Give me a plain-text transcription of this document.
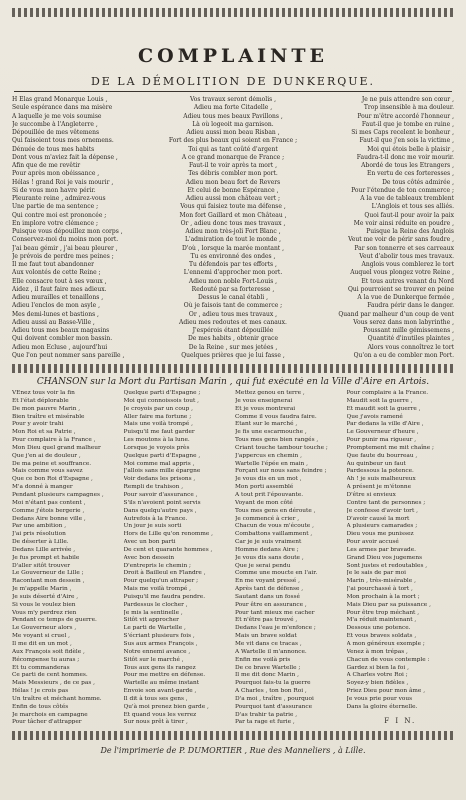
COMPLAINTE
DE LA DÉMOLITION DE DUNKERQUE.
H Élas grand Monarque Louis ,
Seule espérance dans ma misère
A laquelle je me vois soumise
Je succombe à l'Angleterre ,
Dépouillée de mes vêtemens
Qui faisoient tous mes ornemens.
Dénuée de tous mes habits
Dont vous m'aviez fait la dépense ,
Afin que de me revêtir
Pour après mon obéissance ,
Hélas ! grand Roi je vais mourir ,
Si de vous mon havre périr.
Pleurante reine , admirez-vous
Une partie de ma sentence ;
Qui contre moi est prononcée ;
En implore votre clémence ;
Puisque vous dépouillez mon corps ,
Conservez-moi du moins mon port.
J'ai beau gémir , j'ai beau pleurer ,
Je prévois de perdre mes peines ;
Il me faut tout abandonner
Aux volontés de cette Reine ;
Elle consacre tout à ses vœux ,
Aidez , il faut faire mes adieux.
Adieu murailles et tenaillons ,
Adieu l'enclos de mon asyle ,
Mes demi-lunes et bastions ,
Adieu aussi au Basse-Ville ,
Adieu tous mes beaux magasins
Qui doivent combler mon bassin.
Adieu mon Ecluse , aujourd'hui
Que l'on peut nommer sans pareille ,
Vos travaux seront démolis ,
Adieu ma forte Citadelle ,
Adieu tous mes beaux Pavillons ,
Là où logeoit ma garnison.
Adieu aussi mon beau Risban ,
Fort des plus beaux qui soient en France ;
Toi qui as tant coûté d'argent
A ce grand monarque de France ;
Faut-il te voir après ta mort ,
Tes débris combler mon port.
Adieu mon beau fort de Revers
Et celui de bonne Espérance ,
Adieu aussi mon château vert ;
Vous qui faisiez toute ma défense ,
Mon fort Gaillard et mon Château ,
Or , adieu donc tous mes travaux ,
Adieu mon très-joli Fort Blanc ,
L'admiration de tout le monde ,
D'où , lorsque la marée montant ,
Tu es environné des ondes ,
Tu défendois par tes efforts ,
L'ennemi d'approcher mon port.
Adieu mon noble Fort-Louis ,
Redouté par sa forteresse ,
Dessus le canal établi ,
Où je faisois tant de commerce ;
Or , adieu tous mes travaux ,
Adieu mes redoutes et mes canaux.
J'espérois étant dépouillée
De mes habits , obtenir grace
De la Reine , sur mes jetées ,
Quelques prières que je lui fasse ,
Je ne puis attendre son cœur ,
Trop insensible à ma douleur.
Pour m'être accordé l'honneur ,
Faut-il que je tombe en ruine ,
Si mes Caps recelent le bonheur ,
Faut-il que j'en sois la victime ,
Moi qui étois belle à plaisir ,
Faudra-t-il donc me voir mourir.
Abordé de tous les Etrangers ,
En vertu de ces forteresses ,
De tous côtés admirée ,
Pour l'étendue de ton commerce ;
A la vue de tableaux tremblent
L'Anglois et tous ses alliés.
Quoi faut-il pour avoir la paix
Me voir ainsi réduite en poudre ,
Puisque la Reine des Anglois
Veut me voir de périr sans foudre ,
Par son tonnerre et ses carreaux
Veut d'abolir tous mes travaux.
Anglois vous comblerez le tort
Auquel vous plongez votre Reine ,
Et tous autres venant du Nord
Qui pourroient se trouver en peine
A la vue de Dunkerque fermée ,
Faudra périr dans le danger.
Quand par malheur d'un coup de vent
Vous serez dans mon labyrinthe ,
Poussant mille gémissemens ,
Quantité d'inutiles plaintes ,
Alors vous connoîtrez le tort
Qu'on a eu de combler mon Port.
CHANSON sur la Mort du Partisan Marin , qui fut exécuté en la Ville d'Aire en Artois.
VEnez tous voir la fin
Et l'état déplorable
De mon pauvre Marin ,
Bien traître et misérable
Pour y avoir trahi
Mon Roi et sa Patrie ,
Pour complaire à la France ,
Mon Dieu quel grand malheur
Que j'en ai de douleur ,
De ma peine et souffrance.
Mais comme vous savez
Que ce bon Roi d'Espagne ,
M'a donné à manger
Pendant plusieurs campagnes ,
Moi n'étant pas content ,
Comme j'étois bergerie ,
Dedans Aire bonne ville ,
Par une ambition ,
J'ai pris résolution
De déserter à Lille.
Dedans Lille arrivée ,
Je fus prompt et habile
D'aller sitôt trouver
Le Gouverneur de Lille ;
Racontant mon dessein ,
Je m'appelle Marin ,
Je suis déserté d'Aire ,
Si vous le voulez bien
Vous m'y perdrez rien
Pendant ce temps de guerre.
Le Gouverneur alors ,
Me voyant si cruel ,
Il me dit en un mot ,
Aux François soit fidèle ,
Récompense tu auras ;
Et tu commanderas
Ce parti de cent hommes.
Mais Messieurs , de ce pas ,
Hélas ! je crois pas
Un traître et méchant homme.
Enfin de tous côtés
Je marchois en campagne
Pour tâcher d'attrapper
Quelque parti d'Espagne ;
Moi qui connoissois tout ,
Je croyois par un coup ,
Aller faire ma fortune ;
Mais une voilà trompé ,
Puisqu'il me faut garder
Les moutons à la lune.
Lorsque je voyois près
Quelque parti d'Espagne ,
Moi comme mal appris ,
J'allois sans mille épargne
Voir dedans les prisons ,
Rempli de trahison ,
Pour savoir d'assurance ,
S'ils n'avoient point servis
Dans quelqu'autre pays ,
Autrefois à la France.
Un jour je suis sorti
Hors de Lille qu'on renomme ,
Avec un bon parti
De cent et quarante hommes ,
Avec bon dessein
D'entrepris le chemin ;
Droit à Bailleul en Flandre ,
Pour quelqu'un attraper ;
Mais me voilà trompé ,
Puisqu'il me faudra pendre.
Pardessus le clocher ,
Je mis la sentinelle ,
Sitôt vit approcher
Le parti de Wartelle ,
S'écriant plusieurs fois ,
Sus aux armes François ,
Notre ennemi avance ,
Sitôt sur le marché ,
Tous aux gens ils rangez
Pour me mettre en défense.
Wartelle au même instant
Envoie son avant-garde ,
Il dit à tous ses gens ,
Qu'à moi prenez bien garde ,
Et quand vous les verrez
Sur nous prêt à tirer ,
Mettez genou en terre ,
Je vous enseignerai
Et je vous montrerai
Comme il vous faudra faire.
Etant sur le marché ,
Je fis une escarmouche ,
Tous mes gens bien rangés ,
Criant touche tambour touche ;
J'appercus en chemin ,
Wartelle l'épée en main ,
Forçant sur nous sans feindre ;
Je vous dis en un mot ,
Mon porti assemblé
A tout prit l'épouvante.
Voyant de mon côté
Tous mes gens en déroute ,
Je commencé à crier ,
Chacun de vous m'écoute ,
Combattons vaillamment ,
Car je je suis vraiment
Homme dedans Aire ;
Je vous dis sans doute ,
Que je serai pendu
Comme une moucte en l'air.
En me voyant pressé ,
Après tant de défense ,
Sautant dans un fossé
Pour être en assurance ,
Pour tant mieux me cacher
Et n'être pas trouvé ,
Dedans l'eau je m'enfonce ;
Mais un brave soldat
Me vit dans ce tracas ,
A Wartelle il m'annonce.
Enfin me voilà pris
De ce brave Wartelle ;
Il me dit donc Marin ,
Pourquoi fais-tu la guerre
A Charles , ton bon Roi ,
D'a moi , traître , pourquoi
Pourquoi tant d'assurance
D'as trahir ta patrie ,
Par ta rage et furie ,
Pour complaire à la France.
Maudit soit la guerre ,
Et maudit soit la guerre ,
Que j'avois ramené
Par dedans la ville d'Aire ,
Le Gouverneur d'heure ,
Pour punir ma rigueur ,
Promptement me mit chaîne ;
Que faute du bourreau ,
Au quinbeur un faut
Pardessous la potence.
Ah ! je suis malheureux
A présent je m'étonne
D'être si envieux
Contre tant de personnes ;
Je confesse d'avoir tort ,
D'avoir causé la mort
A plusieurs camarades ;
Dieu vous me punissez
Pour avoir accusé
Les armes par bravade.
Grand Dieu vos jugemens
Sont justes et redoutables ,
Je le sais de par moi
Marin , très-misérable ,
J'ai pourchassé à tort ,
Mon prochain à la mort ;
Mais Dieu par sa puissance ,
Pour être trop méchant ,
M'a réduit maintenant ,
Dessous une potence.
Et vous braves soldats ,
A mon généreux exemple ;
Venez à mon trépas ,
Chacun de vous contemple :
Gardez si bien la foi ,
A Charles votre Roi ;
Soyez-y bien fidèles ,
Priez Dieu pour mon âme ,
Je vous prie pour vous
Dans la gloire éternelle.
F I N.
De l'imprimerie de P. DUMORTIER , Rue des Manneliers , à Lille.
